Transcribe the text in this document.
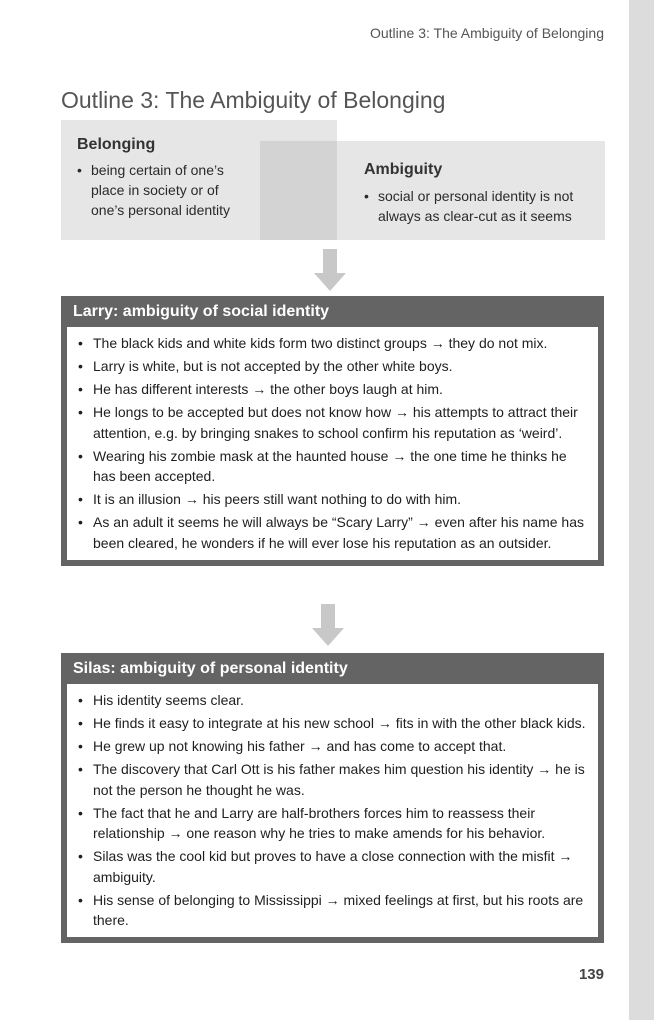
Outline 3: The Ambiguity of Belonging
Outline 3: The Ambiguity of Belonging
Belonging
• being certain of one’s
place in society or of
one’s personal identity
Ambiguity
• social or personal identity is not
always as clear-cut as it seems
Larry: ambiguity of social identity
• The black kids and white kids form two distinct groups → they do not mix.
• Larry is white, but is not accepted by the other white boys.
• He has different interests → the other boys laugh at him.
• He longs to be accepted but does not know how → his attempts to attract their attention, e.g. by bringing snakes to school confirm his reputation as ‘weird’.
• Wearing his zombie mask at the haunted house → the one time he thinks he has been accepted.
• It is an illusion → his peers still want nothing to do with him.
• As an adult it seems he will always be “Scary Larry” → even after his name has been cleared, he wonders if he will ever lose his reputation as an outsider.
Silas: ambiguity of personal identity
• His identity seems clear.
• He finds it easy to integrate at his new school → fits in with the other black kids.
• He grew up not knowing his father → and has come to accept that.
• The discovery that Carl Ott is his father makes him question his identity → he is not the person he thought he was.
• The fact that he and Larry are half-brothers forces him to reassess their relationship → one reason why he tries to make amends for his behavior.
• Silas was the cool kid but proves to have a close connection with the misfit → ambiguity.
• His sense of belonging to Mississippi → mixed feelings at first, but his roots are there.
139
